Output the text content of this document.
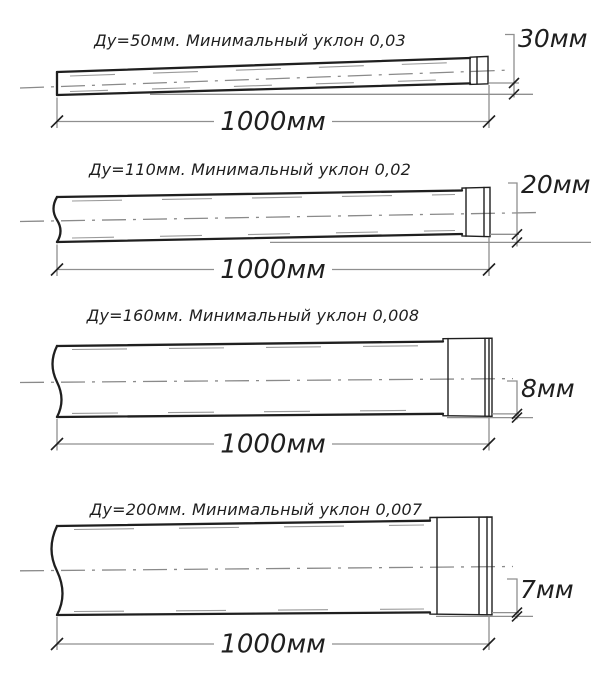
Ду=50мм. Минимальный уклон 0,03	30мм
1000мм
Ду=110мм. Минимальный уклон 0,02
20мм
1000мм
Ду=160мм. Минимальный уклон 0,008
8мм
1000мм
Ду=200мм. Минимальный уклон 0,007
7мм
1000мм
